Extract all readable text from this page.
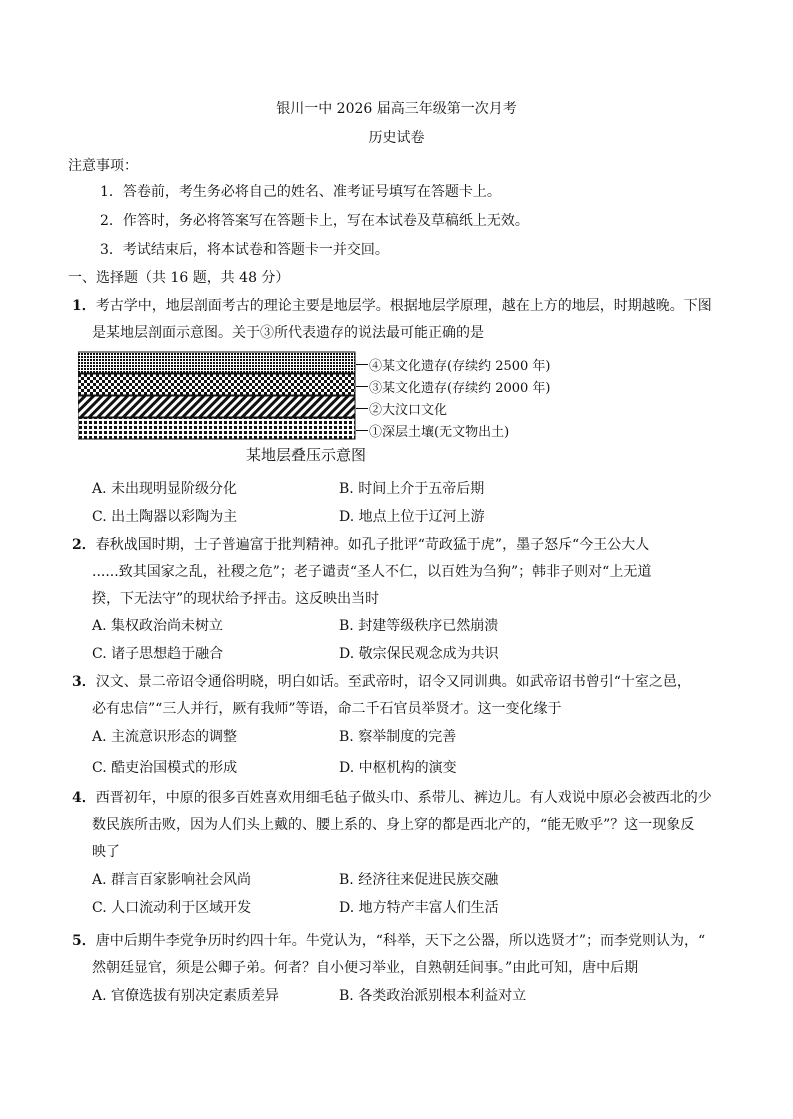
银川一中 2026 届高三年级第一次月考
历史试卷
注意事项：
1．答卷前，考生务必将自己的姓名、准考证号填写在答题卡上。
2．作答时，务必将答案写在答题卡上，写在本试卷及草稿纸上无效。
3．考试结束后，将本试卷和答题卡一并交回。
一、选择题（共 16 题，共 48 分）
1．考古学中，地层剖面考古的理论主要是地层学。根据地层学原理，越在上方的地层，时期越晚。下图
是某地层剖面示意图。关于③所代表遗存的说法最可能正确的是
④某文化遗存(存续约 2500 年)
③某文化遗存(存续约 2000 年)
②大汶口文化
①深层土壤(无文物出土)
某地层叠压示意图
A. 未出现明显阶级分化	B. 时间上介于五帝后期
C. 出土陶器以彩陶为主	D. 地点上位于辽河上游
2．春秋战国时期，士子普遍富于批判精神。如孔子批评“苛政猛于虎”，墨子怒斥“今王公大人
......致其国家之乱，社稷之危”；老子谴责“圣人不仁，以百姓为刍狗”；韩非子则对“上无道
揆，下无法守”的现状给予抨击。这反映出当时
A. 集权政治尚未树立	B. 封建等级秩序已然崩溃
C. 诸子思想趋于融合	D. 敬宗保民观念成为共识
3．汉文、景二帝诏令通俗明晓，明白如话。至武帝时，诏令又同训典。如武帝诏书曾引“十室之邑，
必有忠信”“三人并行，厥有我师”等语，命二千石官员举贤才。这一变化缘于
A. 主流意识形态的调整	B. 察举制度的完善
C. 酷吏治国模式的形成	D. 中枢机构的演变
4．西晋初年，中原的很多百姓喜欢用细毛毡子做头巾、系带儿、裤边儿。有人戏说中原必会被西北的少
数民族所击败，因为人们头上戴的、腰上系的、身上穿的都是西北产的，“能无败乎”？这一现象反
映了
A. 群言百家影响社会风尚	B. 经济往来促进民族交融
C. 人口流动利于区域开发	D. 地方特产丰富人们生活
5．唐中后期牛李党争历时约四十年。牛党认为，“科举，天下之公器，所以选贤才”；而李党则认为，“
然朝廷显官，须是公卿子弟。何者？自小便习举业，自熟朝廷间事。”由此可知，唐中后期
A. 官僚选拔有别决定素质差异	B. 各类政治派别根本利益对立
